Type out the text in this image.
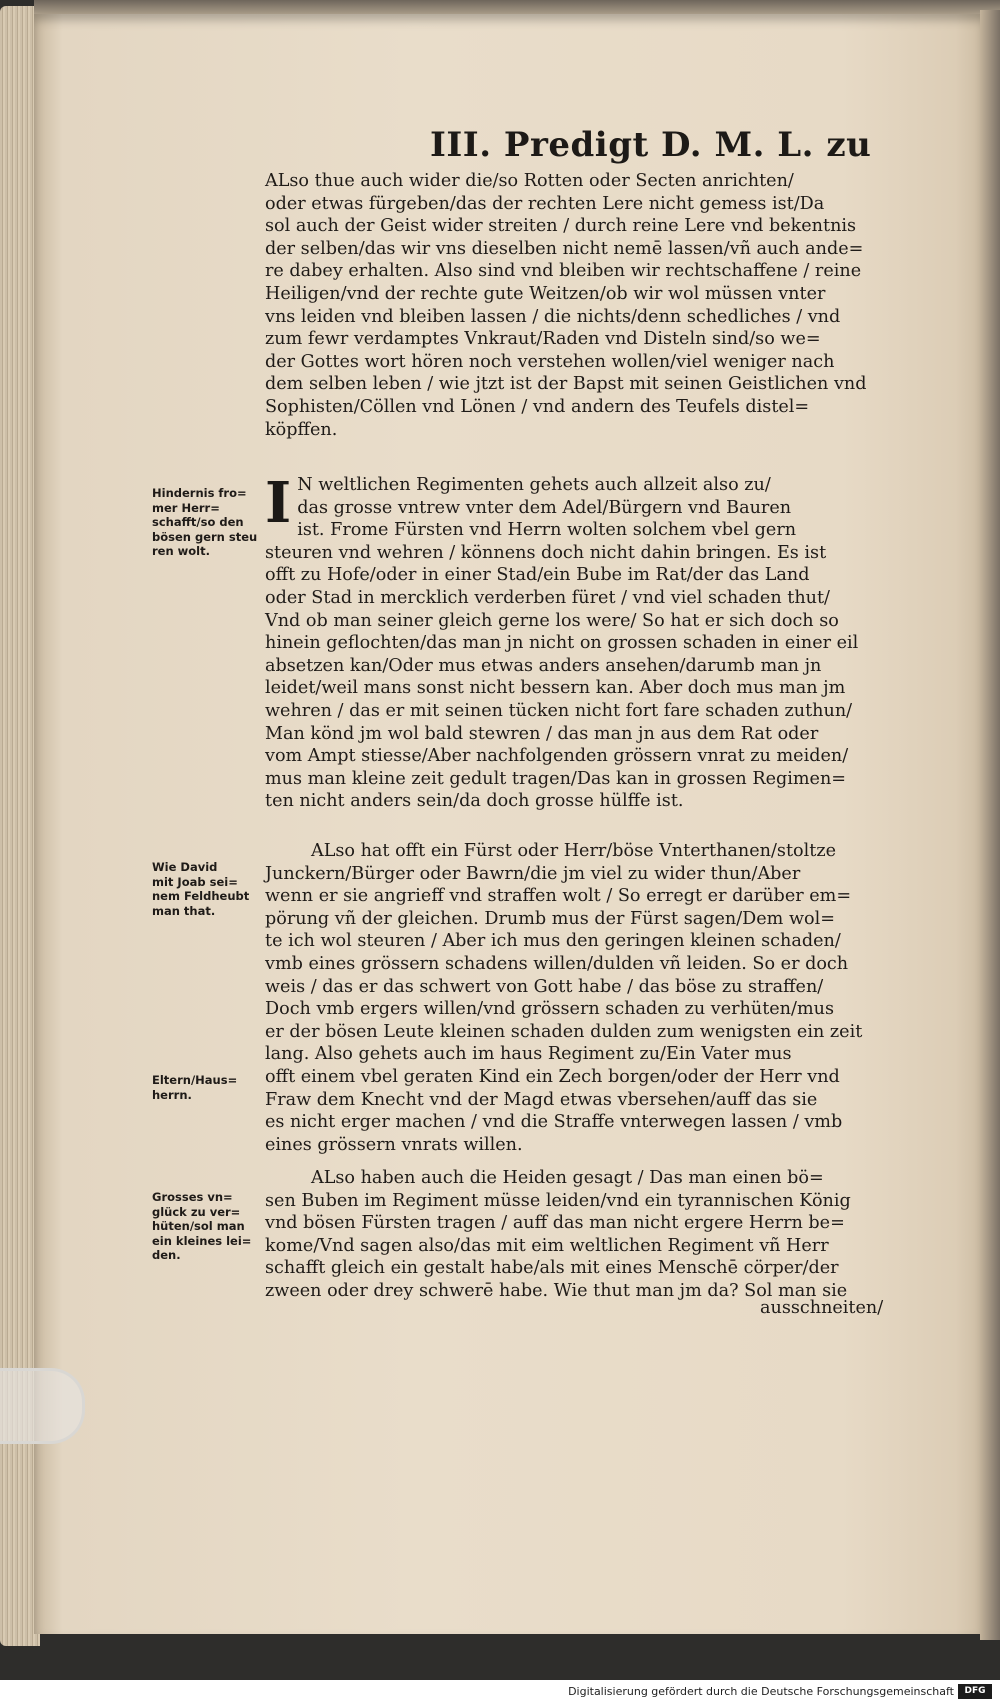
III. Predigt D. M. L. zu

ALso thue auch wider die/so Rotten oder Secten anrichten/

oder etwas fürgeben/das der rechten Lere nicht gemess ist/Da

sol auch der Geist wider streiten / durch reine Lere vnd bekentnis

der selben/das wir vns dieselben nicht nemē lassen/vñ auch ande=

re dabey erhalten. Also sind vnd bleiben wir rechtschaffene / reine

Heiligen/vnd der rechte gute Weitzen/ob wir wol müssen vnter

vns leiden vnd bleiben lassen / die nichts/denn schedliches / vnd

zum fewr verdamptes Vnkraut/Raden vnd Disteln sind/so we=

der Gottes wort hören noch verstehen wollen/viel weniger nach

dem selben leben / wie jtzt ist der Bapst mit seinen Geistlichen vnd

Sophisten/Cöllen vnd Lönen / vnd andern des Teufels distel=

köpffen.

I N weltlichen Regimenten gehets auch allzeit also zu/

das grosse vntrew vnter dem Adel/Bürgern vnd Bauren

ist. Frome Fürsten vnd Herrn wolten solchem vbel gern

steuren vnd wehren / könnens doch nicht dahin bringen. Es ist

offt zu Hofe/oder in einer Stad/ein Bube im Rat/der das Land

oder Stad in mercklich verderben füret / vnd viel schaden thut/

Vnd ob man seiner gleich gerne los were/ So hat er sich doch so

hinein geflochten/das man jn nicht on grossen schaden in einer eil

absetzen kan/Oder mus etwas anders ansehen/darumb man jn

leidet/weil mans sonst nicht bessern kan. Aber doch mus man jm

wehren / das er mit seinen tücken nicht fort fare schaden zuthun/

Man könd jm wol bald stewren / das man jn aus dem Rat oder

vom Ampt stiesse/Aber nachfolgenden grössern vnrat zu meiden/

mus man kleine zeit gedult tragen/Das kan in grossen Regimen=

ten nicht anders sein/da doch grosse hülffe ist.

ALso hat offt ein Fürst oder Herr/böse Vnterthanen/stoltze

Junckern/Bürger oder Bawrn/die jm viel zu wider thun/Aber

wenn er sie angrieff vnd straffen wolt / So erregt er darüber em=

pörung vñ der gleichen. Drumb mus der Fürst sagen/Dem wol=

te ich wol steuren / Aber ich mus den geringen kleinen schaden/

vmb eines grössern schadens willen/dulden vñ leiden. So er doch

weis / das er das schwert von Gott habe / das böse zu straffen/

Doch vmb ergers willen/vnd grössern schaden zu verhüten/mus

er der bösen Leute kleinen schaden dulden zum wenigsten ein zeit

lang. Also gehets auch im haus Regiment zu/Ein Vater mus

offt einem vbel geraten Kind ein Zech borgen/oder der Herr vnd

Fraw dem Knecht vnd der Magd etwas vbersehen/auff das sie

es nicht erger machen / vnd die Straffe vnterwegen lassen / vmb

eines grössern vnrats willen.

ALso haben auch die Heiden gesagt / Das man einen bö=

sen Buben im Regiment müsse leiden/vnd ein tyrannischen König

vnd bösen Fürsten tragen / auff das man nicht ergere Herrn be=

kome/Vnd sagen also/das mit eim weltlichen Regiment vñ Herr

schafft gleich ein gestalt habe/als mit eines Menschē cörper/der

zween oder drey schwerē habe. Wie thut man jm da? Sol man sie

ausschneiten/

Hindernis fro=

mer Herr=

schafft/so den

bösen gern steu

ren wolt.

Wie David

mit Joab sei=

nem Feldheubt

man that.

Eltern/Haus=

herrn.

Grosses vn=

glück zu ver=

hüten/sol man

ein kleines lei=

den.

Digitalisierung gefördert durch die Deutsche Forschungsgemeinschaft	DFG
